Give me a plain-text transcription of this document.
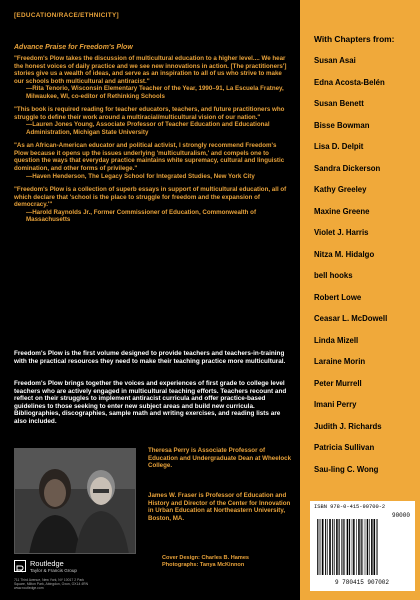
[EDUCATION/RACE/ETHNICITY]
Advance Praise for Freedom's Plow
"Freedom's Plow takes the discussion of multicultural education to a higher level.... We hear the honest voices of daily practice and we see new innovations in action. [The practitioners'] stories give us a wealth of ideas, and serve as an inspiration to all of us who strive to make our schools both multicultural and antiracist."
—Rita Tenorio, Wisconsin Elementary Teacher of the Year, 1990–91, La Escuela Fratney, Milwaukee, WI, co-editor of Rethinking Schools
"This book is required reading for teacher educators, teachers, and future practitioners who struggle to define their work around a multiracial/multicultural vision of our nation."
—Lauren Jones Young, Associate Professor of Teacher Education and Educational Administration, Michigan State University
"As an African-American educator and political activist, I strongly recommend Freedom's Plow because it opens up the issues underlying 'multiculturalism,' and compels one to question the ways that everyday practice maintains white supremacy, cultural and linguistic domination, and other forms of privilege."
—Haven Henderson, The Legacy School for Integrated Studies, New York City
"Freedom's Plow is a collection of superb essays in support of multicultural education, all of which declare that 'school is the place to struggle for freedom and the expansion of democracy.'"
—Harold Raynolds Jr., Former Commissioner of Education, Commonwealth of Massachusetts
Freedom's Plow is the first volume designed to provide teachers and teachers-in-training with the practical resources they need to make their teaching practice more multicultural.
Freedom's Plow brings together the voices and experiences of first grade to college level teachers who are actively engaged in multicultural teaching efforts. Teachers recount and reflect on their struggles to implement antiracist curricula and offer practice-based guidelines to those seeking to enter new subject areas and build new curricula. Bibliographies, discographies, sample math and writing exercises, and reading lists are also included.
Theresa Perry is Associate Professor of Education and Undergraduate Dean at Wheelock College.
James W. Fraser is Professor of Education and History and Director of the Center for Innovation in Urban Education at Northeastern University, Boston, MA.
Cover Design: Charles B. Hames
Photographs: Tanya McKinnon
Routledge
Taylor & Francis Group
711 Third Avenue, New York, NY 10017 2 Park Square, Milton Park, Abingdon, Oxon, OX14 4RN www.routledge.com
With Chapters from:
Susan Asai
Edna Acosta-Belén
Susan Benett
Bisse Bowman
Lisa D. Delpit
Sandra Dickerson
Kathy Greeley
Maxine Greene
Violet J. Harris
Nitza M. Hidalgo
bell hooks
Robert Lowe
Ceasar L. McDowell
Linda Mizell
Laraine Morin
Peter Murrell
Imani Perry
Judith J. Richards
Patricia Sullivan
Sau-ling C. Wong
ISBN 978-0-415-90700-2
90000
9 780415 907002
